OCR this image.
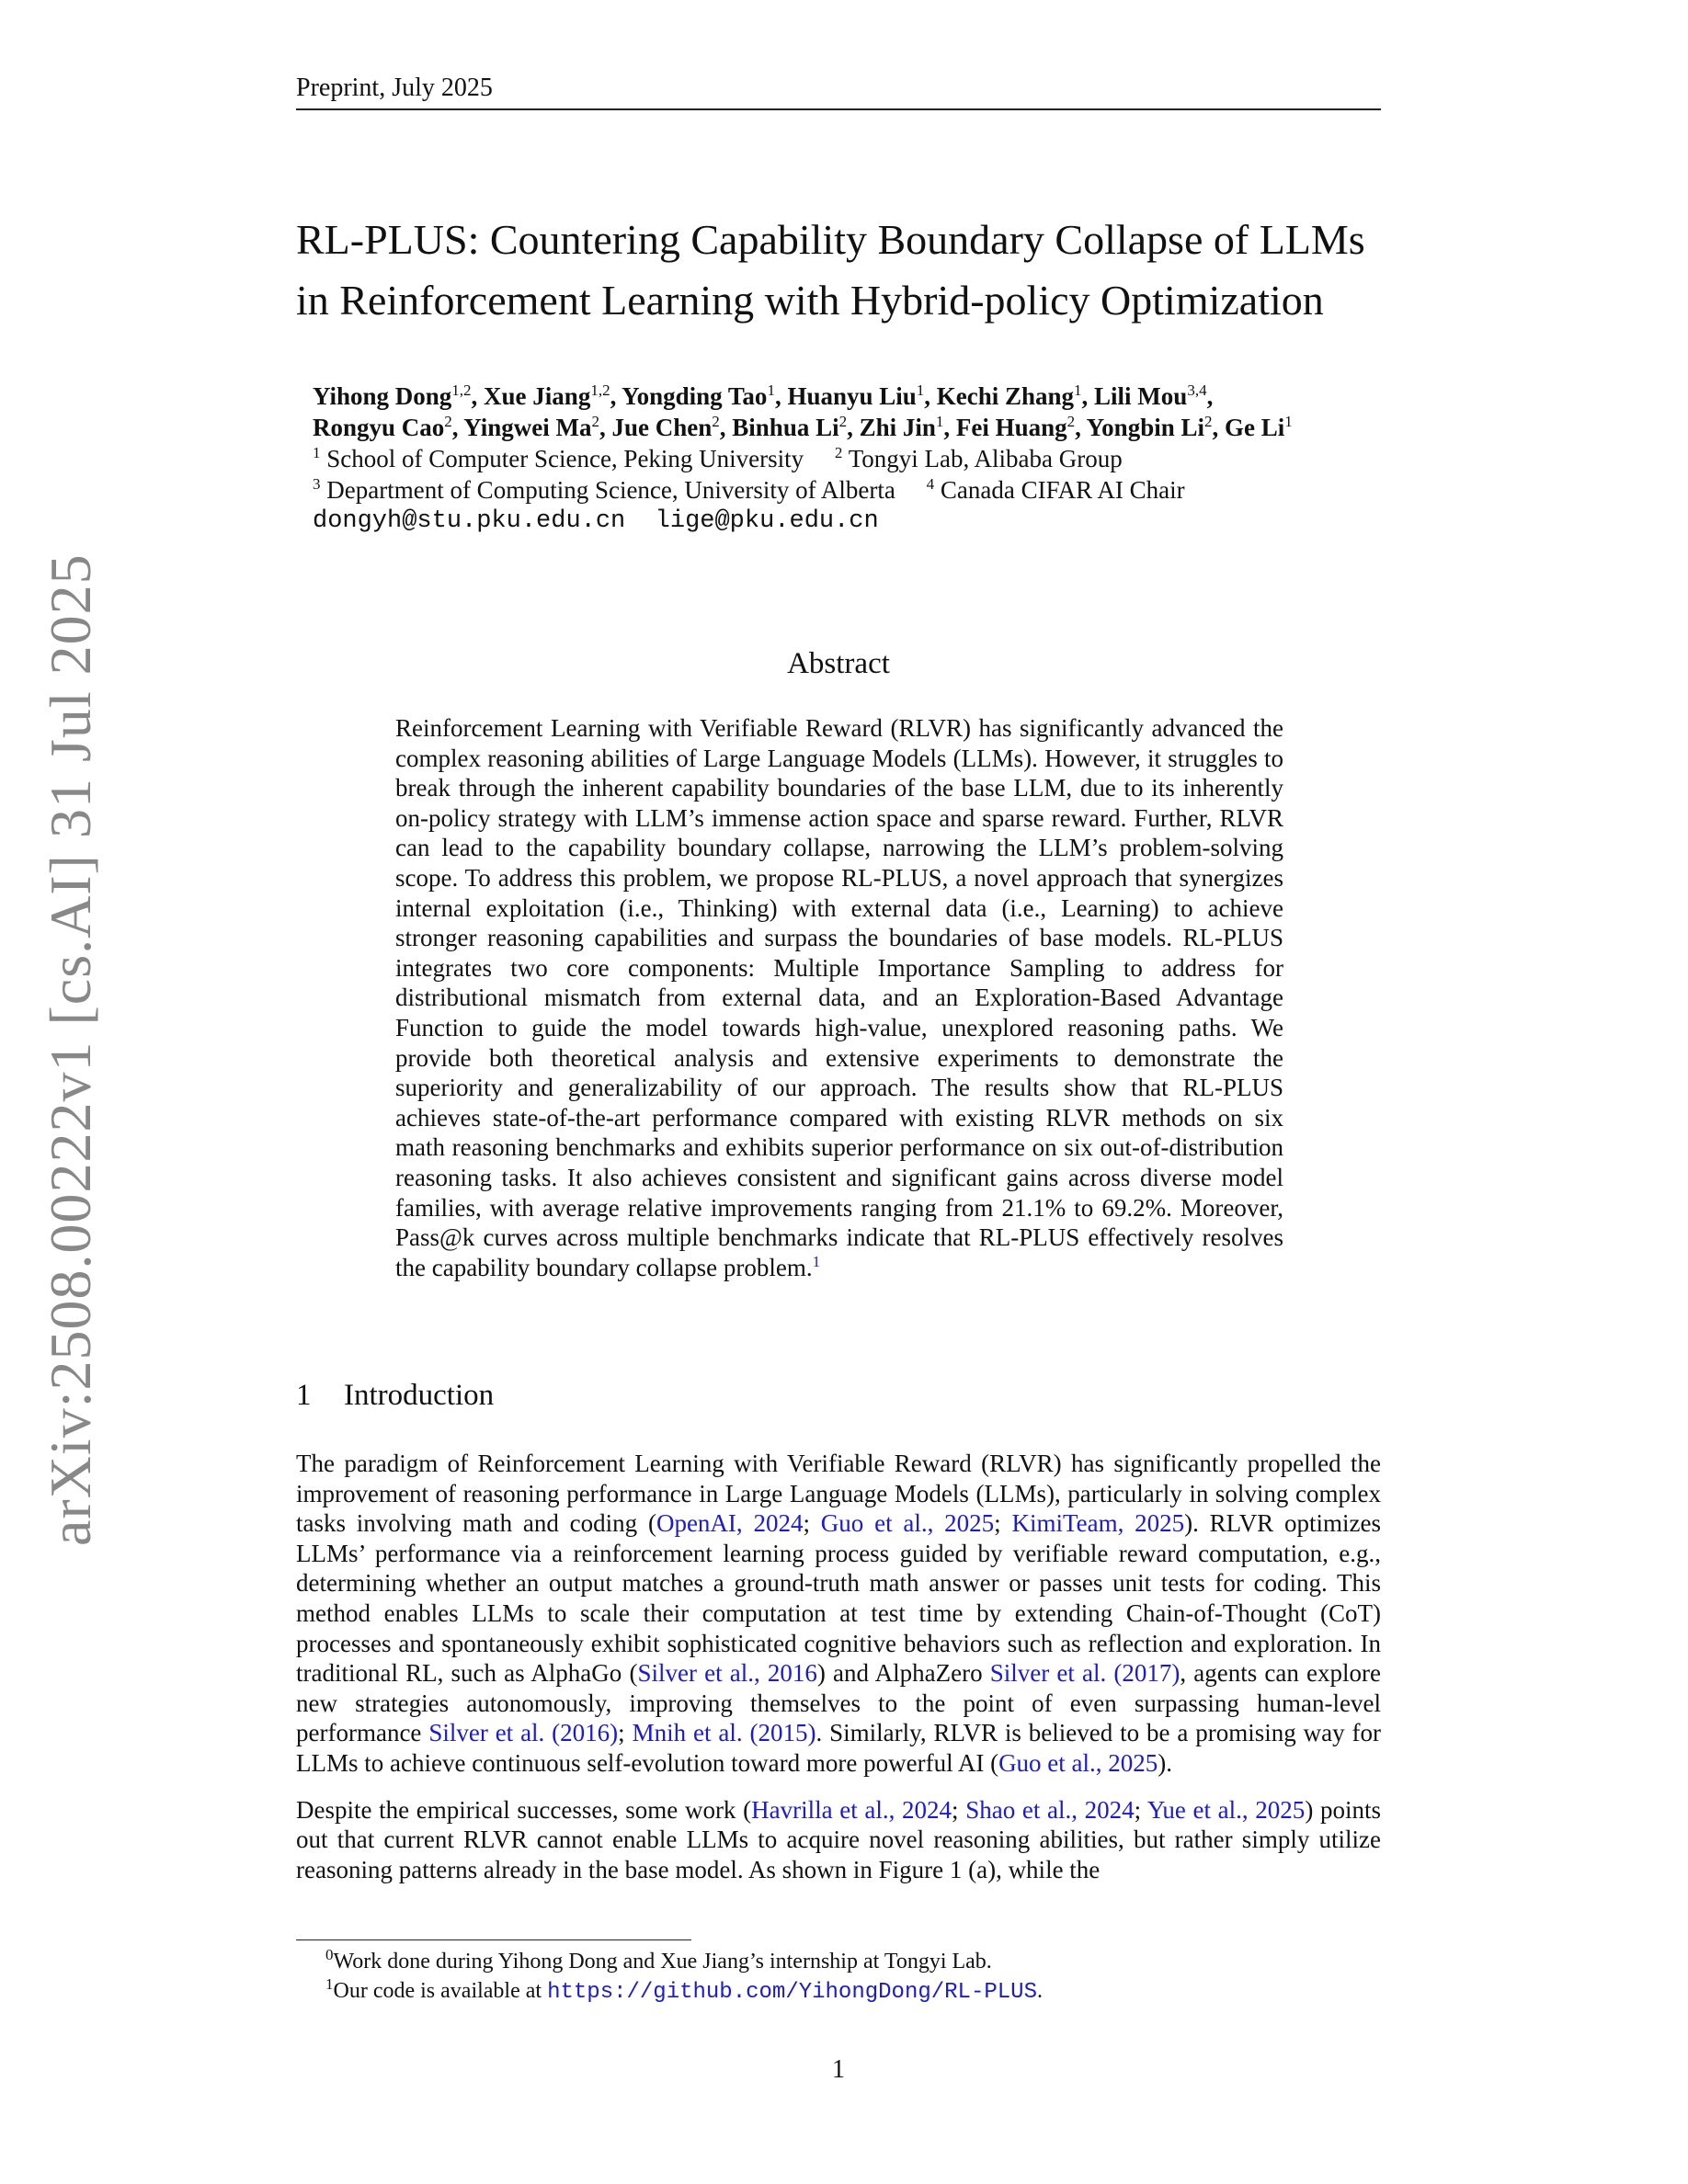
Preprint, July 2025
arXiv:2508.00222v1 [cs.AI] 31 Jul 2025
RL-PLUS: Countering Capability Boundary Collapse of LLMs
in Reinforcement Learning with Hybrid-policy Optimization
Yihong Dong$^{1,2}$, Xue Jiang$^{1,2}$, Yongding Tao$^1$, Huanyu Liu$^1$, Kechi Zhang$^1$, Lili Mou$^{3,4}$,
Rongyu Cao$^2$, Yingwei Ma$^2$, Jue Chen$^2$, Binhua Li$^2$, Zhi Jin$^1$, Fei Huang$^2$, Yongbin Li$^2$, Ge Li$^1$
$^1$ School of Computer Science, Peking University $^2$ Tongyi Lab, Alibaba Group
$^3$ Department of Computing Science, University of Alberta $^4$ Canada CIFAR AI Chair
dongyh@stu.pku.edu.cn lige@pku.edu.cn
Abstract
Reinforcement Learning with Verifiable Reward (RLVR) has significantly advanced the complex reasoning abilities of Large Language Models (LLMs). However, it struggles to break through the inherent capability boundaries of the base LLM, due to its inherently on-policy strategy with LLM’s immense action space and sparse reward. Further, RLVR can lead to the capability boundary collapse, narrowing the LLM’s problem-solving scope. To address this problem, we propose RL-PLUS, a novel approach that synergizes internal exploitation (i.e., Thinking) with external data (i.e., Learning) to achieve stronger reasoning capabilities and surpass the boundaries of base models. RL-PLUS integrates two core components: Multiple Importance Sampling to address for distributional mismatch from external data, and an Exploration-Based Advantage Function to guide the model towards high-value, unexplored reasoning paths. We provide both theoretical analysis and extensive experiments to demonstrate the superiority and generalizability of our approach. The results show that RL-PLUS achieves state-of-the-art performance compared with existing RLVR methods on six math reasoning benchmarks and exhibits superior performance on six out-of-distribution reasoning tasks. It also achieves consistent and significant gains across diverse model families, with average relative improvements ranging from 21.1% to 69.2%. Moreover, Pass@k curves across multiple benchmarks indicate that RL-PLUS effectively resolves the capability boundary collapse problem.$^1$
1 Introduction

The paradigm of Reinforcement Learning with Verifiable Reward (RLVR) has significantly propelled the improvement of reasoning performance in Large Language Models (LLMs), particularly in solving complex tasks involving math and coding (OpenAI, 2024; Guo et al., 2025; KimiTeam, 2025). RLVR optimizes LLMs’ performance via a reinforcement learning process guided by verifiable reward computation, e.g., determining whether an output matches a ground-truth math answer or passes unit tests for coding. This method enables LLMs to scale their computation at test time by extending Chain-of-Thought (CoT) processes and spontaneously exhibit sophisticated cognitive behaviors such as reflection and exploration. In traditional RL, such as AlphaGo (Silver et al., 2016) and AlphaZero Silver et al. (2017), agents can explore new strategies autonomously, improving themselves to the point of even surpassing human-level performance Silver et al. (2016); Mnih et al. (2015). Similarly, RLVR is believed to be a promising way for LLMs to achieve continuous self-evolution toward more powerful AI (Guo et al., 2025).

Despite the empirical successes, some work (Havrilla et al., 2024; Shao et al., 2024; Yue et al., 2025) points out that current RLVR cannot enable LLMs to acquire novel reasoning abilities, but rather simply utilize reasoning patterns already in the base model. As shown in Figure 1 (a), while the

$^0$Work done during Yihong Dong and Xue Jiang’s internship at Tongyi Lab.
$^1$Our code is available at https://github.com/YihongDong/RL-PLUS.
1
